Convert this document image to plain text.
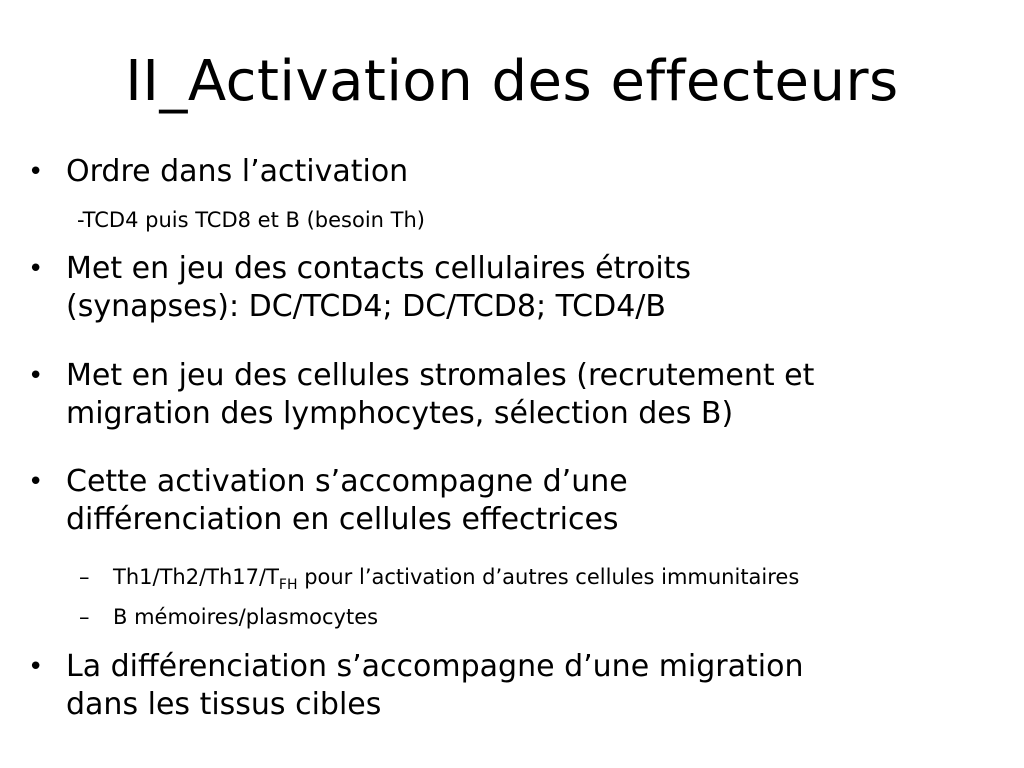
II_Activation des effecteurs
• Ordre dans l’activation
-TCD4 puis TCD8 et B (besoin Th)
• Met en jeu des contacts cellulaires étroits
(synapses): DC/TCD4; DC/TCD8; TCD4/B
• Met en jeu des cellules stromales (recrutement et
migration des lymphocytes, sélection des B)
• Cette activation s’accompagne d’une
différenciation en cellules effectrices
– $Th1/Th2/Th17/T_{FH}$ pour l’activation d’autres cellules immunitaires
– B mémoires/plasmocytes
• La différenciation s’accompagne d’une migration
dans les tissus cibles
